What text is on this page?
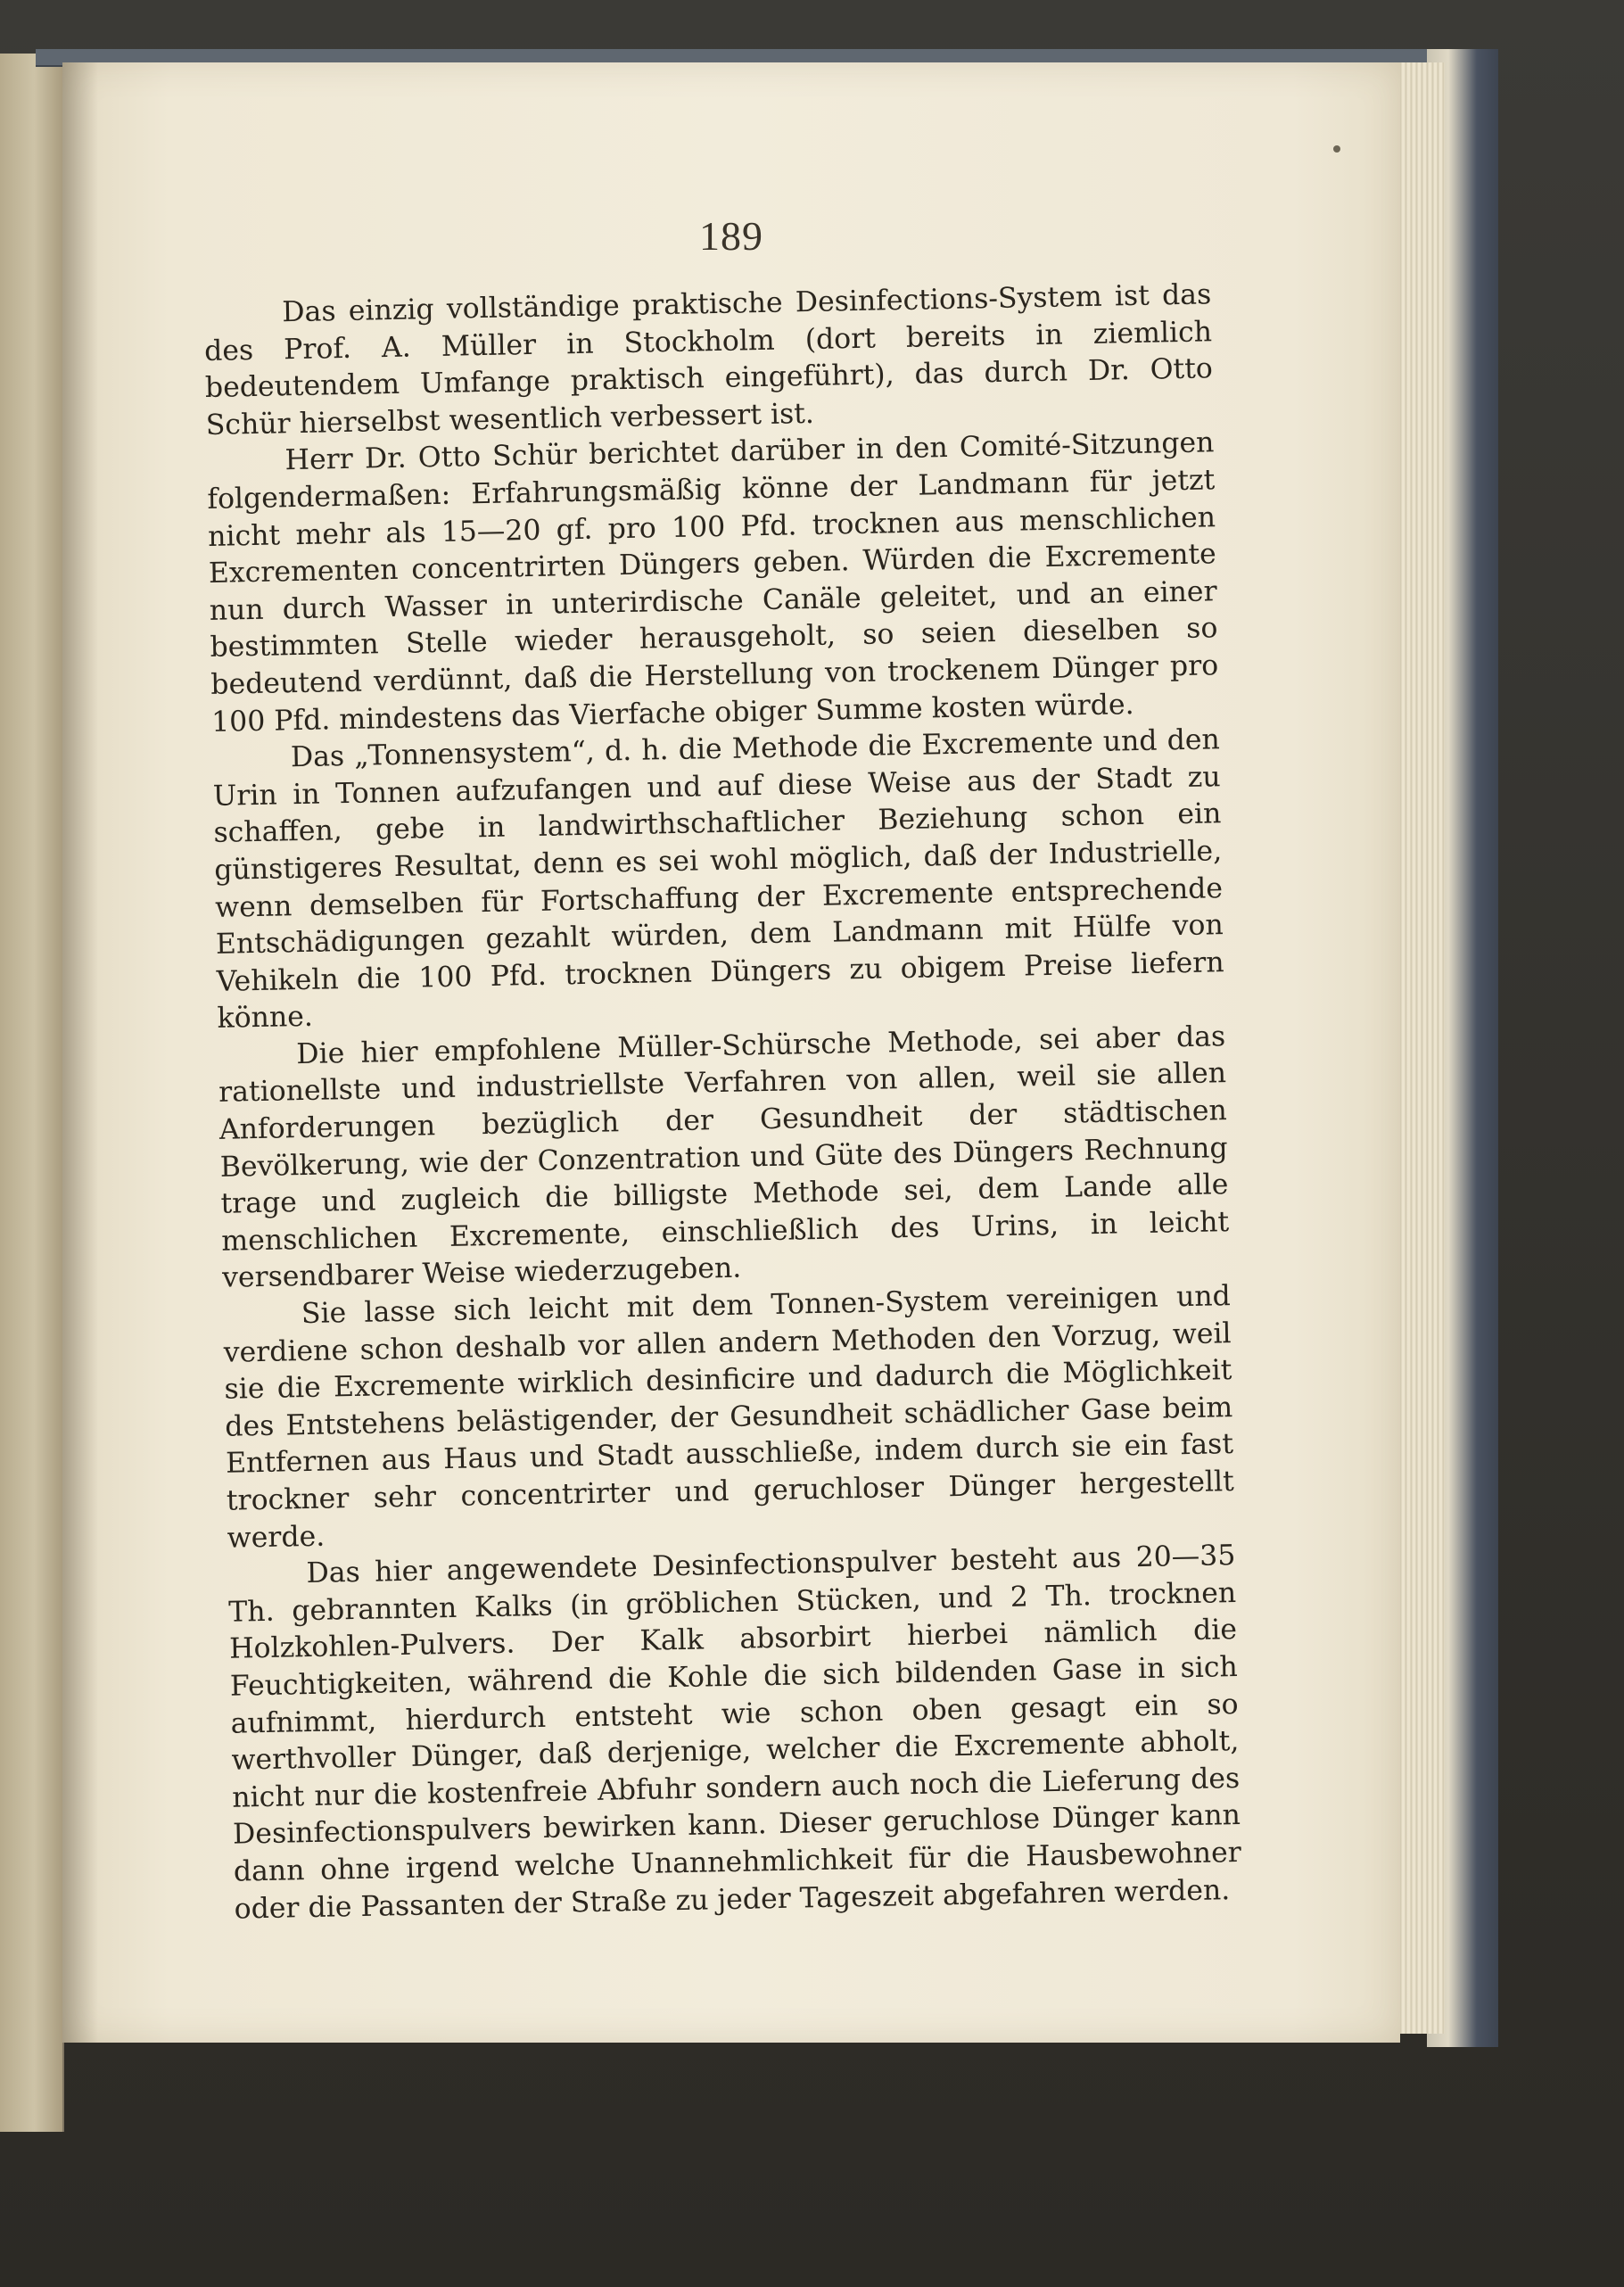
189

Das einzig vollständige praktische Desinfections-System ist das des Prof. A. Müller in Stockholm (dort bereits in ziemlich bedeutendem Umfange praktisch eingeführt), das durch Dr. Otto Schür hierselbst wesentlich verbessert ist.

Herr Dr. Otto Schür berichtet darüber in den Comité-Sitzungen folgendermaßen: Erfahrungsmäßig könne der Landmann für jetzt nicht mehr als 15—20 gf. pro 100 Pfd. trocknen aus menschlichen Excrementen concentrirten Düngers geben. Würden die Excremente nun durch Wasser in unterirdische Canäle geleitet, und an einer bestimmten Stelle wieder herausgeholt, so seien dieselben so bedeutend verdünnt, daß die Herstellung von trockenem Dünger pro 100 Pfd. mindestens das Vierfache obiger Summe kosten würde.

Das „Tonnensystem“, d. h. die Methode die Excremente und den Urin in Tonnen aufzufangen und auf diese Weise aus der Stadt zu schaffen, gebe in landwirthschaftlicher Beziehung schon ein günstigeres Resultat, denn es sei wohl möglich, daß der Industrielle, wenn demselben für Fortschaffung der Excremente entsprechende Entschädigungen gezahlt würden, dem Landmann mit Hülfe von Vehikeln die 100 Pfd. trocknen Düngers zu obigem Preise liefern könne.

Die hier empfohlene Müller-Schürsche Methode, sei aber das rationellste und industriellste Verfahren von allen, weil sie allen Anforderungen bezüglich der Gesundheit der städtischen Bevölkerung, wie der Conzentration und Güte des Düngers Rechnung trage und zugleich die billigste Methode sei, dem Lande alle menschlichen Excremente, einschließlich des Urins, in leicht versendbarer Weise wiederzugeben.

Sie lasse sich leicht mit dem Tonnen-System vereinigen und verdiene schon deshalb vor allen andern Methoden den Vorzug, weil sie die Excremente wirklich desinficire und dadurch die Möglichkeit des Entstehens belästigender, der Gesundheit schädlicher Gase beim Entfernen aus Haus und Stadt ausschließe, indem durch sie ein fast trockner sehr concentrirter und geruchloser Dünger hergestellt werde.

Das hier angewendete Desinfectionspulver besteht aus 20—35 Th. gebrannten Kalks (in gröblichen Stücken, und 2 Th. trocknen Holzkohlen-Pulvers. Der Kalk absorbirt hierbei nämlich die Feuchtigkeiten, während die Kohle die sich bildenden Gase in sich aufnimmt, hierdurch entsteht wie schon oben gesagt ein so werthvoller Dünger, daß derjenige, welcher die Excremente abholt, nicht nur die kostenfreie Abfuhr sondern auch noch die Lieferung des Desinfectionspulvers bewirken kann. Dieser geruchlose Dünger kann dann ohne irgend welche Unannehmlichkeit für die Hausbewohner oder die Passanten der Straße zu jeder Tageszeit abgefahren werden.
